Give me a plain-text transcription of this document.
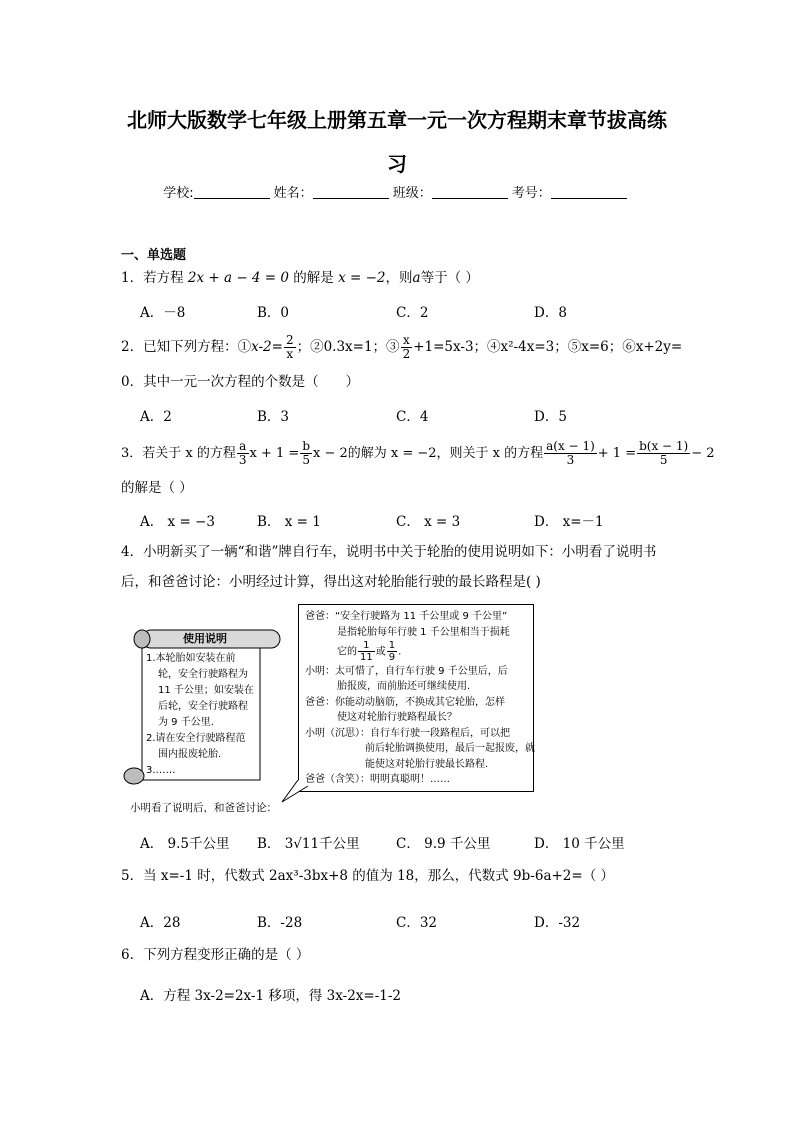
北师大版数学七年级上册第五章一元一次方程期末章节拔高练
习
学校:	姓名：	班级：	考号：
一、单选题
1．若方程 2x + a − 4 = 0 的解是 x = −2，则a等于（ ）
A．－8	B．0	C．2	D．8
2．已知下列方程：①x-2= $\frac{2}{x}$ ；②0.3x=1；③ $\frac{x}{2} +1=5x-3$；④x²-4x=3；⑤x=6；⑥x+2y=
0．其中一元一次方程的个数是（　　）
A．2	B．3	C．4	D．5
3．若关于 x 的方程 $\frac{a}{3}$ $x + 1 = \frac{b}{5}$ x − 2的解为 x = −2，则关于 x 的方程 $\frac{a(x - 1)}{3} + 1 = \frac{b(x - 1)}{5} - 2$
的解是（ ）
A． x = −3	B． x = 1	C． x = 3	D． x=－1
4．小明新买了一辆“和谐”牌自行车，说明书中关于轮胎的使用说明如下：小明看了说明书
后，和爸爸讨论：小明经过计算，得出这对轮胎能行驶的最长路程是( )
使用说明
1.本轮胎如安装在前
轮，安全行驶路程为
11 千公里；如安装在
后轮，安全行驶路程
为 9 千公里.
2.请在安全行驶路程范
围内报废轮胎.
3.……
爸爸：“安全行驶路为 11 千公里或 9 千公里”
是指轮胎每年行驶 1 千公里相当于损耗
它的 $\frac{1}{11}$ 或 $\frac{1}{9}$ .
小明：太可惜了，自行车行驶 9 千公里后，后
胎报废，而前胎还可继续使用.
爸爸：你能动动脑筋，不换成其它轮胎，怎样
使这对轮胎行驶路程最长？
小明（沉思）：自行车行驶一段路程后，可以把
前后轮胎调换使用，最后一起报废，就
能使这对轮胎行驶最长路程.
爸爸（含笑）：明明真聪明！……
小明看了说明后，和爸爸讨论：
A． 9.5千公里 B． 3√11千公里	C． 9.9 千公里	D． 10 千公里
5．当 x=-1 时，代数式 2ax³-3bx+8 的值为 18，那么，代数式 9b-6a+2=（ ）
A．28	B．-28	C．32	D．-32
6．下列方程变形正确的是（ ）
A．方程 3x-2=2x-1 移项，得 3x-2x=-1-2
